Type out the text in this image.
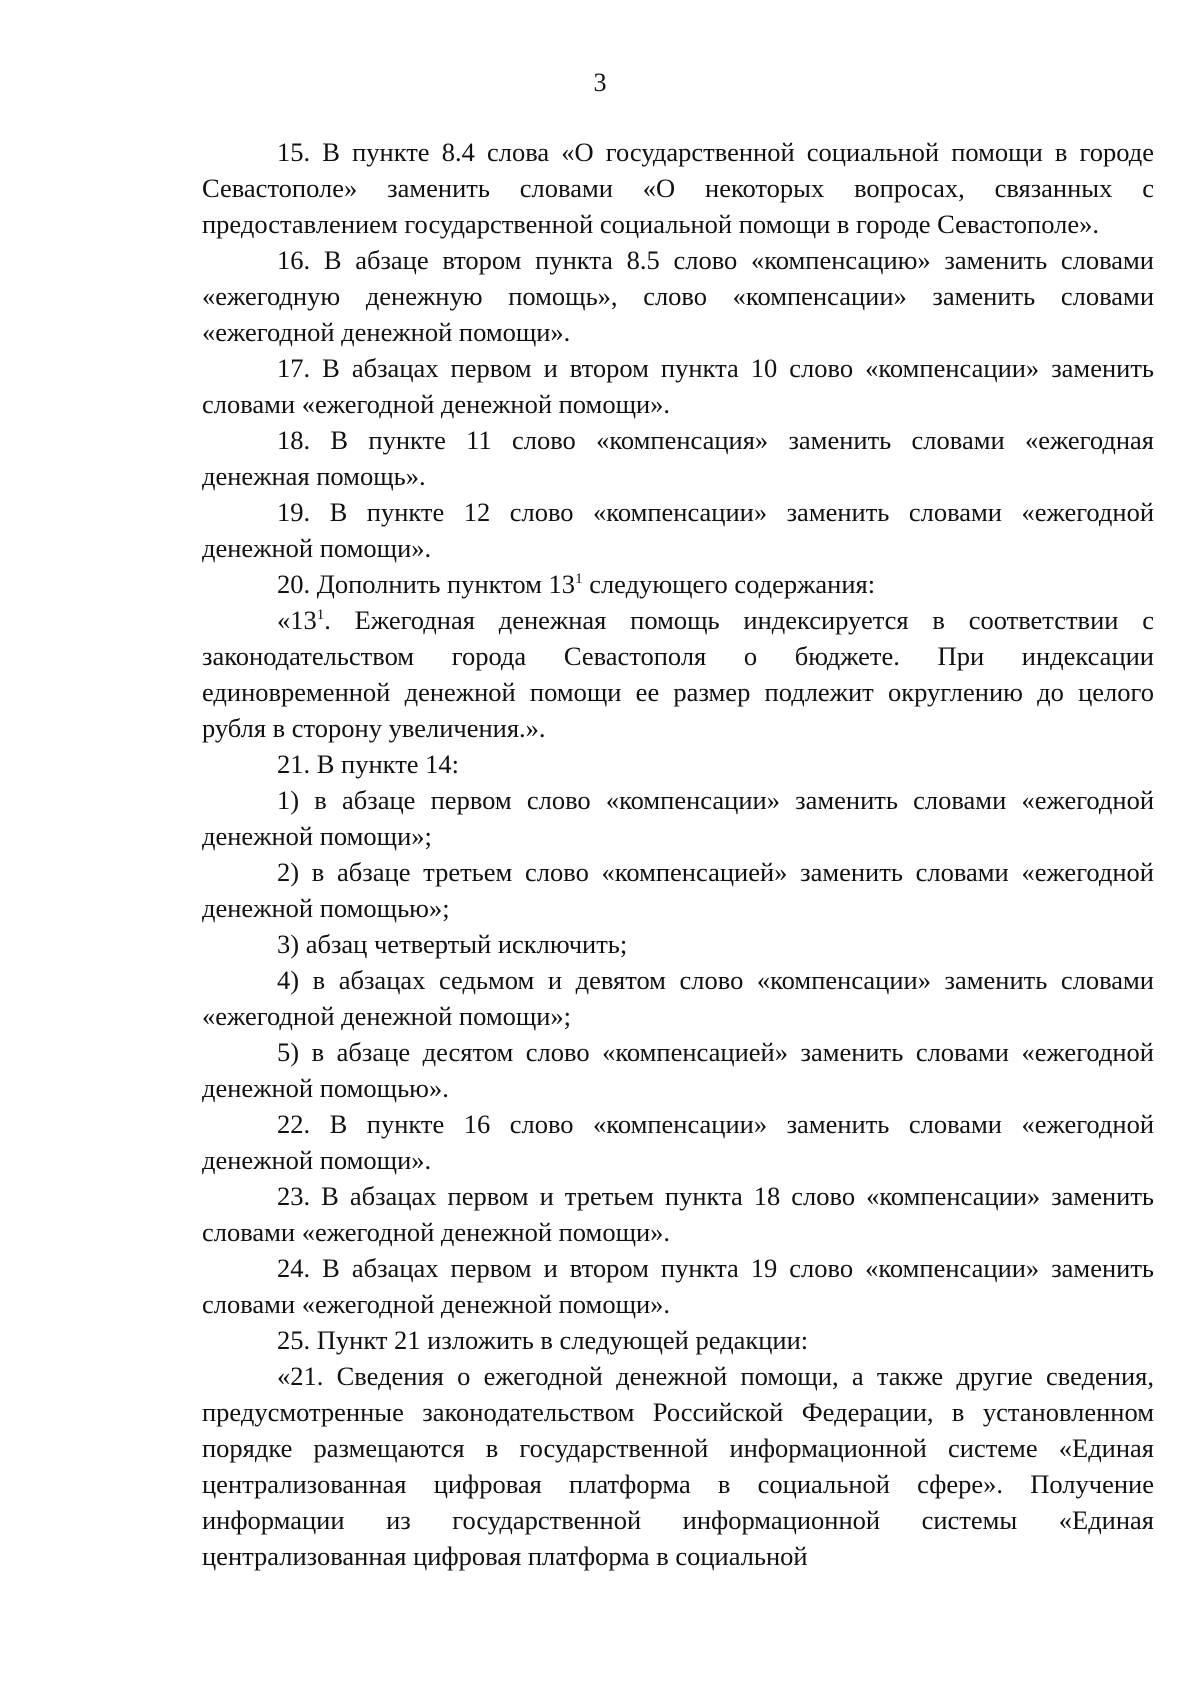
3

15. В пункте 8.4 слова «О государственной социальной помощи в городе Севастополе» заменить словами «О некоторых вопросах, связанных с предоставлением государственной социальной помощи в городе Севастополе».

16. В абзаце втором пункта 8.5 слово «компенсацию» заменить словами «ежегодную денежную помощь», слово «компенсации» заменить словами «ежегодной денежной помощи».

17. В абзацах первом и втором пункта 10 слово «компенсации» заменить словами «ежегодной денежной помощи».

18. В пункте 11 слово «компенсация» заменить словами «ежегодная денежная помощь».

19. В пункте 12 слово «компенсации» заменить словами «ежегодной денежной помощи».

20. Дополнить пунктом $13^1$ следующего содержания:

«$13^1$. Ежегодная денежная помощь индексируется в соответствии с законодательством города Севастополя о бюджете. При индексации единовременной денежной помощи ее размер подлежит округлению до целого рубля в сторону увеличения.».

21. В пункте 14:

1) в абзаце первом слово «компенсации» заменить словами «ежегодной денежной помощи»;

2) в абзаце третьем слово «компенсацией» заменить словами «ежегодной денежной помощью»;

3) абзац четвертый исключить;

4) в абзацах седьмом и девятом слово «компенсации» заменить словами «ежегодной денежной помощи»;

5) в абзаце десятом слово «компенсацией» заменить словами «ежегодной денежной помощью».

22. В пункте 16 слово «компенсации» заменить словами «ежегодной денежной помощи».

23. В абзацах первом и третьем пункта 18 слово «компенсации» заменить словами «ежегодной денежной помощи».

24. В абзацах первом и втором пункта 19 слово «компенсации» заменить словами «ежегодной денежной помощи».

25. Пункт 21 изложить в следующей редакции:

«21. Сведения о ежегодной денежной помощи, а также другие сведения, предусмотренные законодательством Российской Федерации, в установленном порядке размещаются в государственной информационной системе «Единая централизованная цифровая платформа в социальной сфере». Получение информации из государственной информационной системы «Единая централизованная цифровая платформа в социальной
